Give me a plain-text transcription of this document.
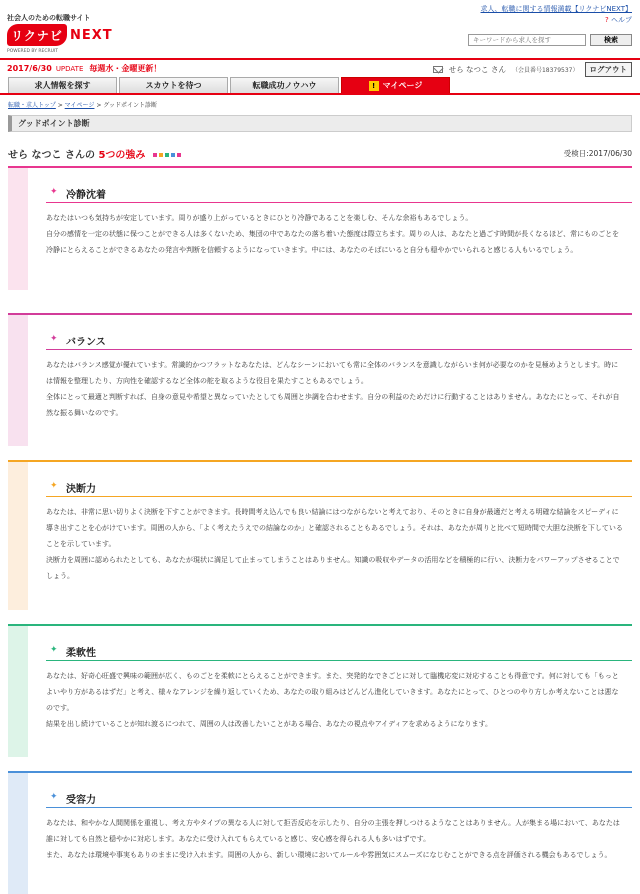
社会人のための転職サイト
リクナビ NEXT
POWERED BY RECRUIT
求人、転職に関する情報満載【リクナビNEXT】
? ヘルプ
キーワードから求人を探す
検索
2017/6/30 UPDATE 毎週水・金曜更新！	せら なつこ さん （会員番号18379537）	ログアウト
求人情報を探す	スカウトを待つ	転職成功ノウハウ	! マイページ
転職・求人トップ > マイページ > グッドポイント診断
グッドポイント診断
せら なつこ さんの 5つの強み	受検日:2017/06/30
✦ 冷静沈着

あなたはいつも気持ちが安定しています。周りが盛り上がっているときにひとり冷静であることを楽しむ、そんな余裕もあるでしょう。

自分の感情を一定の状態に保つことができる人は多くないため、集団の中であなたの落ち着いた態度は際立ちます。周りの人は、あなたと過ごす時間が長くなるほど、常にものごとを冷静にとらえることができるあなたの発言や判断を信頼するようになっていきます。中には、あなたのそばにいると自分も穏やかでいられると感じる人もいるでしょう。

✦ バランス

あなたはバランス感覚が優れています。常識的かつフラットなあなたは、どんなシーンにおいても常に全体のバランスを意識しながらいま何が必要なのかを見極めようとします。時には情報を整理したり、方向性を確認するなど全体の舵を取るような役目を果たすこともあるでしょう。

全体にとって最適と判断すれば、自身の意見や希望と異なっていたとしても周囲と歩調を合わせます。自分の利益のためだけに行動することはありません。あなたにとって、それが自然な振る舞いなのです。

✦ 決断力

あなたは、非常に思い切りよく決断を下すことができます。長時間考え込んでも良い結論にはつながらないと考えており、そのときに自身が最適だと考える明確な結論をスピーディに導き出すことを心がけています。周囲の人から、「よく考えたうえでの結論なのか」と確認されることもあるでしょう。それは、あなたが周りと比べて短時間で大胆な決断を下していることを示しています。

決断力を周囲に認められたとしても、あなたが現状に満足して止まってしまうことはありません。知識の吸収やデータの活用などを積極的に行い、決断力をパワーアップさせることでしょう。

✦ 柔軟性

あなたは、好奇心旺盛で興味の範囲が広く、ものごとを柔軟にとらえることができます。また、突発的なできごとに対して臨機応変に対応することも得意です。何に対しても「もっとよいやり方があるはずだ」と考え、様々なアレンジを繰り返していくため、あなたの取り組みはどんどん進化していきます。あなたにとって、ひとつのやり方しか考えないことは悪なのです。

結果を出し続けていることが知れ渡るにつれて、周囲の人は改善したいことがある場合、あなたの視点やアイディアを求めるようになります。

✦ 受容力

あなたは、和やかな人間関係を重視し、考え方やタイプの異なる人に対して拒否反応を示したり、自分の主張を押しつけるようなことはありません。人が集まる場において、あなたは誰に対しても自然と穏やかに対応します。あなたに受け入れてもらえていると感じ、安心感を得られる人も多いはずです。

また、あなたは環境や事実もありのままに受け入れます。周囲の人から、新しい環境においてルールや雰囲気にスムーズになじむことができる点を評価される機会もあるでしょう。
